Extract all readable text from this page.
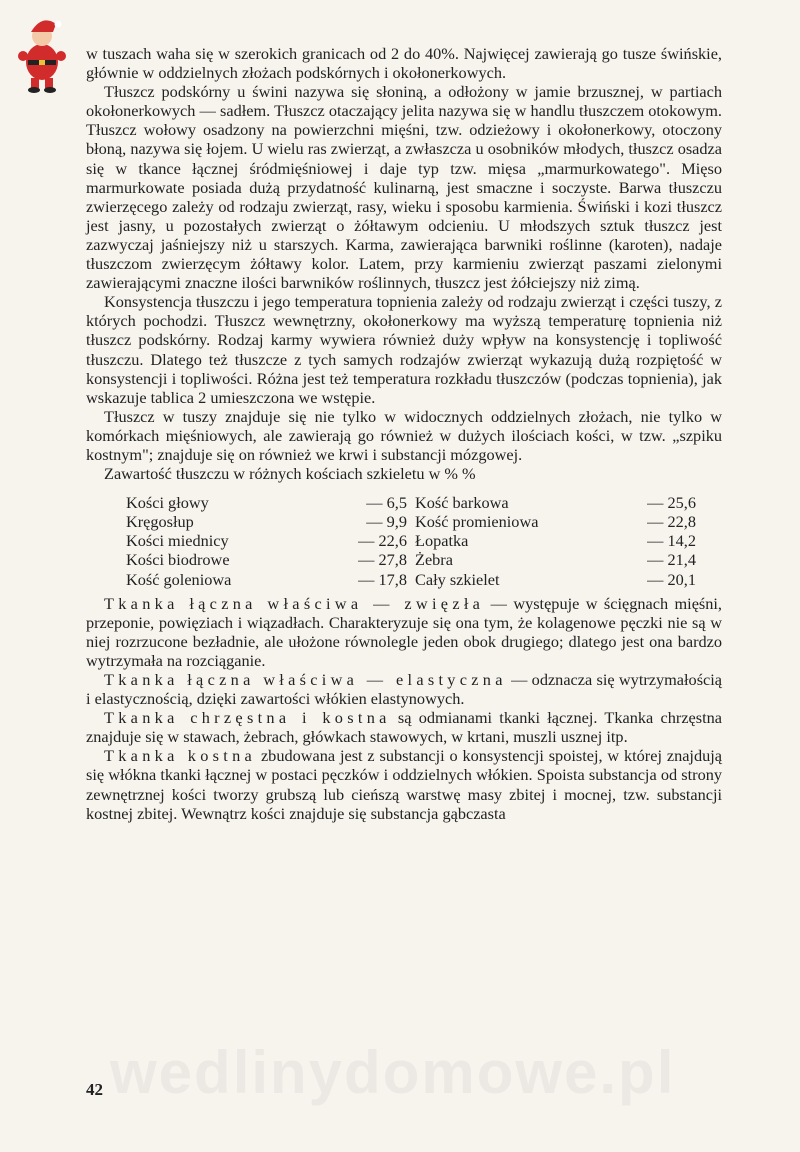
w tuszach waha się w szerokich granicach od 2 do 40%. Najwięcej zawierają go tusze świńskie, głównie w oddzielnych złożach podskórnych i okołonerkowych.

Tłuszcz podskórny u świni nazywa się słoniną, a odłożony w jamie brzusznej, w partiach okołonerkowych — sadłem. Tłuszcz otaczający jelita nazywa się w handlu tłuszczem otokowym. Tłuszcz wołowy osadzony na powierzchni mięśni, tzw. odzieżowy i okołonerkowy, otoczony błoną, nazywa się łojem. U wielu ras zwierząt, a zwłaszcza u osobników młodych, tłuszcz osadza się w tkance łącznej śródmięśniowej i daje typ tzw. mięsa „marmurkowatego". Mięso marmurkowate posiada dużą przydatność kulinarną, jest smaczne i soczyste. Barwa tłuszczu zwierzęcego zależy od rodzaju zwierząt, rasy, wieku i sposobu karmienia. Świński i kozi tłuszcz jest jasny, u pozostałych zwierząt o żółtawym odcieniu. U młodszych sztuk tłuszcz jest zazwyczaj jaśniejszy niż u starszych. Karma, zawierająca barwniki roślinne (karoten), nadaje tłuszczom zwierzęcym żółtawy kolor. Latem, przy karmieniu zwierząt paszami zielonymi zawierającymi znaczne ilości barwników roślinnych, tłuszcz jest żółciejszy niż zimą.

Konsystencja tłuszczu i jego temperatura topnienia zależy od rodzaju zwierząt i części tuszy, z których pochodzi. Tłuszcz wewnętrzny, okołonerkowy ma wyższą temperaturę topnienia niż tłuszcz podskórny. Rodzaj karmy wywiera również duży wpływ na konsystencję i topliwość tłuszczu. Dlatego też tłuszcze z tych samych rodzajów zwierząt wykazują dużą rozpiętość w konsystencji i topliwości. Różna jest też temperatura rozkładu tłuszczów (podczas topnienia), jak wskazuje tablica 2 umieszczona we wstępie.

Tłuszcz w tuszy znajduje się nie tylko w widocznych oddzielnych złożach, nie tylko w komórkach mięśniowych, ale zawierają go również w dużych ilościach kości, w tzw. „szpiku kostnym"; znajduje się on również we krwi i substancji mózgowej.

Zawartość tłuszczu w różnych kościach szkieletu w % %

Kości głowy	— 6,5
Kręgosłup	— 9,9
Kości miednicy	— 22,6
Kości biodrowe	— 27,8
Kość goleniowa	— 17,8
Kość barkowa	— 25,6
Kość promieniowa	— 22,8
Łopatka	— 14,2
Żebra	— 21,4
Cały szkielet	— 20,1

Tkanka łączna właściwa — zwięzła — występuje w ścięgnach mięśni, przeponie, powięziach i wiązadłach. Charakteryzuje się ona tym, że kolagenowe pęczki nie są w niej rozrzucone bezładnie, ale ułożone równolegle jeden obok drugiego; dlatego jest ona bardzo wytrzymała na rozciąganie.

Tkanka łączna właściwa — elastyczna — odznacza się wytrzymałością i elastycznością, dzięki zawartości włókien elastynowych.

Tkanka chrzęstna i kostna są odmianami tkanki łącznej. Tkanka chrzęstna znajduje się w stawach, żebrach, główkach stawowych, w krtani, muszli usznej itp.

Tkanka kostna zbudowana jest z substancji o konsystencji spoistej, w której znajdują się włókna tkanki łącznej w postaci pęczków i oddzielnych włókien. Spoista substancja od strony zewnętrznej kości tworzy grubszą lub cieńszą warstwę masy zbitej i mocnej, tzw. substancji kostnej zbitej. Wewnątrz kości znajduje się substancja gąbczasta

wedlinydomowe.pl
42
